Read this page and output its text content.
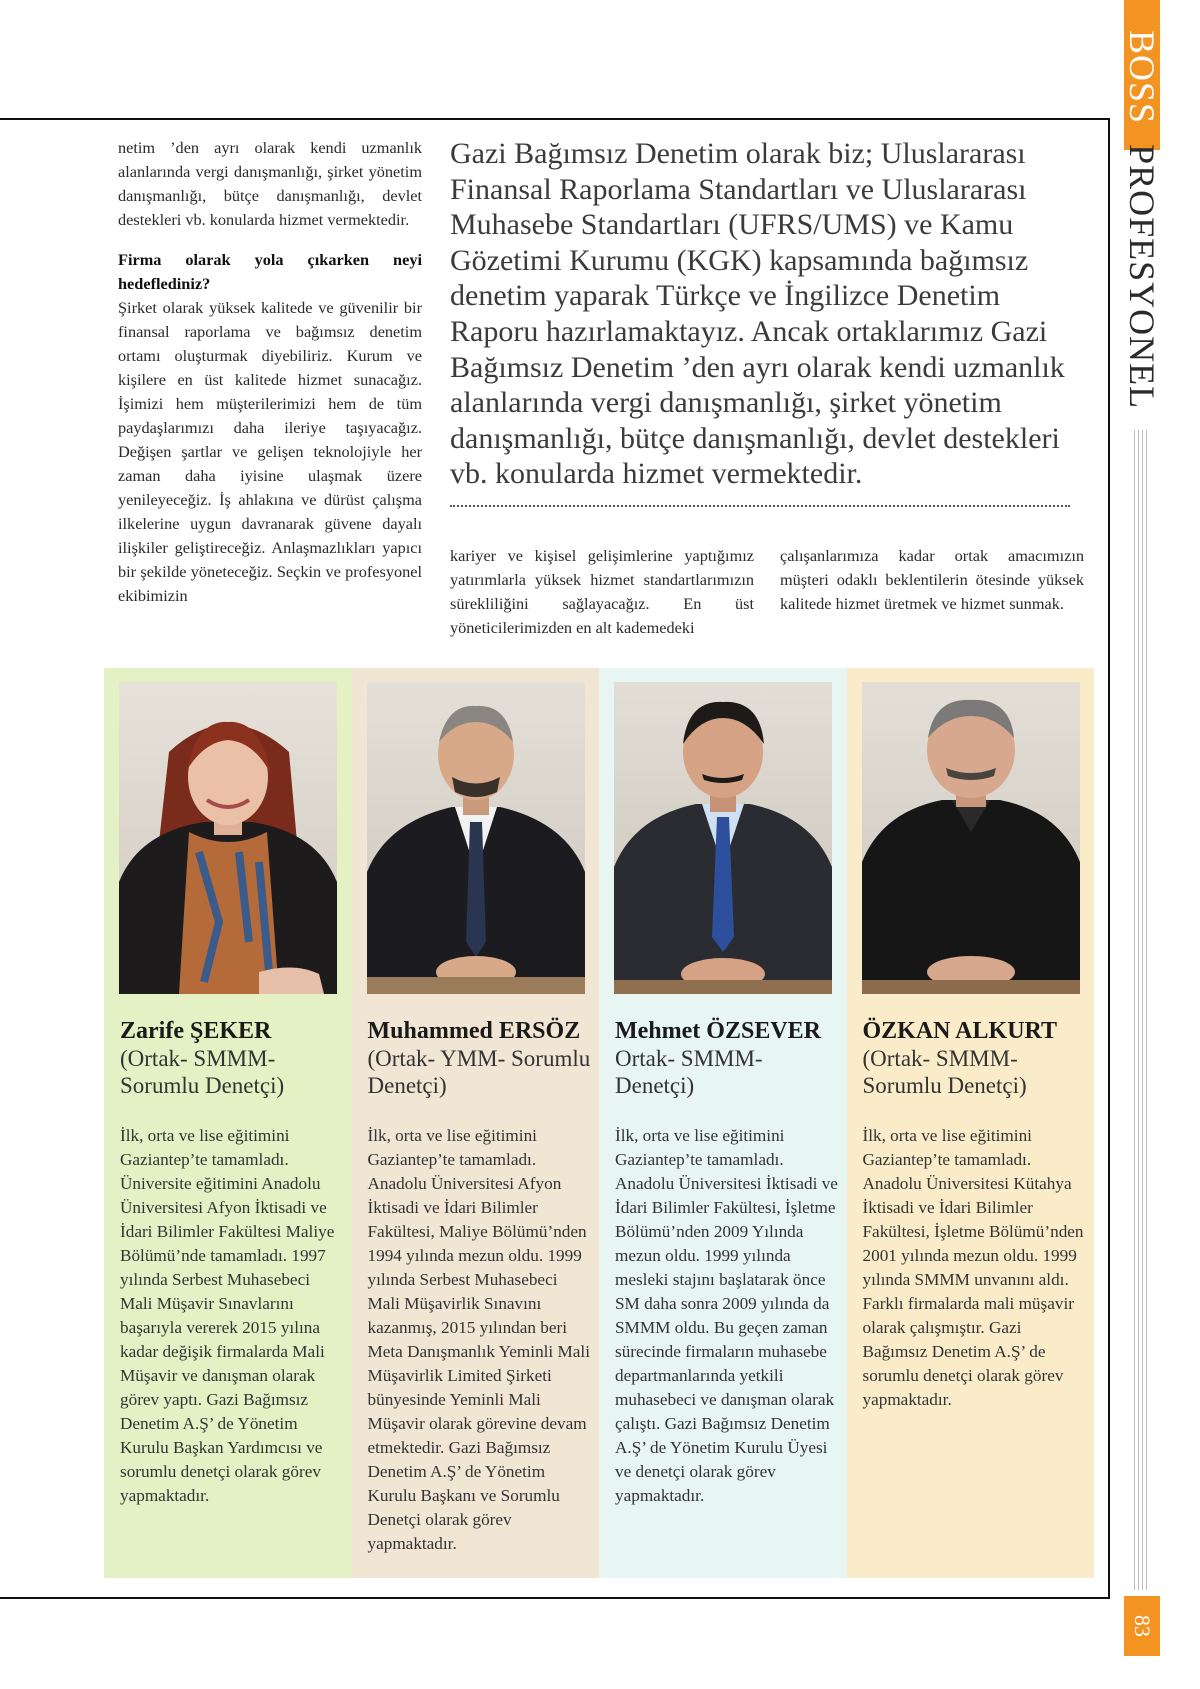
BOSSPROFESYONEL
83

netim ’den ayrı olarak kendi uzmanlık alanlarında vergi danışmanlığı, şirket yönetim danışmanlığı, bütçe danışmanlığı, devlet destekleri vb. konularda hizmet vermektedir.

Firma olarak yola çıkarken neyi hedeflediniz?

Şirket olarak yüksek kalitede ve güvenilir bir finansal raporlama ve bağımsız denetim ortamı oluşturmak diyebiliriz. Kurum ve kişilere en üst kalitede hizmet sunacağız. İşimizi hem müşterilerimizi hem de tüm paydaşlarımızı daha ileriye taşıyacağız. Değişen şartlar ve gelişen teknolojiyle her zaman daha iyisine ulaşmak üzere yenileyeceğiz. İş ahlakına ve dürüst çalışma ilkelerine uygun davranarak güvene dayalı ilişkiler geliştireceğiz. Anlaşmazlıkları yapıcı bir şekilde yöneteceğiz. Seçkin ve profesyonel ekibimizin

Gazi Bağımsız Denetim olarak biz; Uluslararası Finansal Raporlama Standartları ve Uluslararası Muhasebe Standartları (UFRS/UMS) ve Kamu Gözetimi Kurumu (KGK) kapsamında bağımsız denetim yaparak Türkçe ve İngilizce Denetim Raporu hazırlamaktayız. Ancak ortaklarımız Gazi Bağımsız Denetim ’den ayrı olarak kendi uzmanlık alanlarında vergi danışmanlığı, şirket yönetim danışmanlığı, bütçe danışmanlığı, devlet destekleri vb. konularda hizmet vermektedir.

kariyer ve kişisel gelişimlerine yaptığımız yatırımlarla yüksek hizmet standartlarımızın sürekliliğini sağlayacağız. En üst yöneticilerimizden en alt kademedeki

çalışanlarımıza kadar ortak amacımızın müşteri odaklı beklentilerin ötesinde yüksek kalitede hizmet üretmek ve hizmet sunmak.

Zarife ŞEKER
(Ortak- SMMM- Sorumlu Denetçi)
İlk, orta ve lise eğitimini Gaziantep’te tamamladı. Üniversite eğitimini Anadolu Üniversitesi Afyon İktisadi ve İdari Bilimler Fakültesi Maliye Bölümü’nde tamamladı. 1997 yılında Serbest Muhasebeci Mali Müşavir Sınavlarını başarıyla vererek 2015 yılına kadar değişik firmalarda Mali Müşavir ve danışman olarak görev yaptı. Gazi Bağımsız Denetim A.Ş’ de Yönetim Kurulu Başkan Yardımcısı ve sorumlu denetçi olarak görev yapmaktadır.
Muhammed ERSÖZ
(Ortak- YMM- Sorumlu Denetçi)
İlk, orta ve lise eğitimini Gaziantep’te tamamladı. Anadolu Üniversitesi Afyon İktisadi ve İdari Bilimler Fakültesi, Maliye Bölümü’nden 1994 yılında mezun oldu. 1999 yılında Serbest Muhasebeci Mali Müşavirlik Sınavını kazanmış, 2015 yılından beri Meta Danışmanlık Yeminli Mali Müşavirlik Limited Şirketi bünyesinde Yeminli Mali Müşavir olarak görevine devam etmektedir. Gazi Bağımsız Denetim A.Ş’ de Yönetim Kurulu Başkanı ve Sorumlu Denetçi olarak görev yapmaktadır.
Mehmet ÖZSEVER
Ortak- SMMM- Denetçi)
İlk, orta ve lise eğitimini Gaziantep’te tamamladı. Anadolu Üniversitesi İktisadi ve İdari Bilimler Fakültesi, İşletme Bölümü’nden 2009 Yılında mezun oldu. 1999 yılında mesleki stajını başlatarak önce SM daha sonra 2009 yılında da SMMM oldu. Bu geçen zaman sürecinde firmaların muhasebe departmanlarında yetkili muhasebeci ve danışman olarak çalıştı. Gazi Bağımsız Denetim A.Ş’ de Yönetim Kurulu Üyesi ve denetçi olarak görev yapmaktadır.
ÖZKAN ALKURT
(Ortak- SMMM- Sorumlu Denetçi)
İlk, orta ve lise eğitimini Gaziantep’te tamamladı. Anadolu Üniversitesi Kütahya İktisadi ve İdari Bilimler Fakültesi, İşletme Bölümü’nden 2001 yılında mezun oldu. 1999 yılında SMMM unvanını aldı. Farklı firmalarda mali müşavir olarak çalışmıştır. Gazi Bağımsız Denetim A.Ş’ de sorumlu denetçi olarak görev yapmaktadır.
